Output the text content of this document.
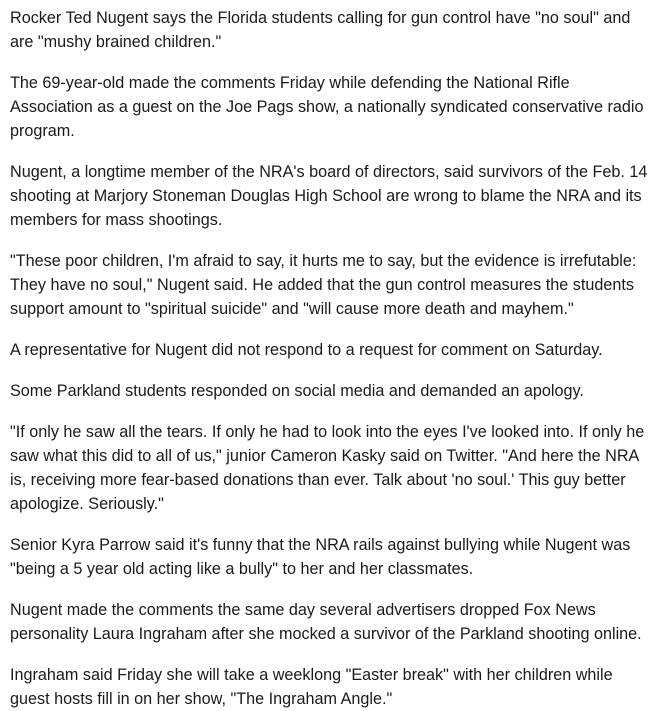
Rocker Ted Nugent says the Florida students calling for gun control have "no soul" and are "mushy brained children."

The 69-year-old made the comments Friday while defending the National Rifle Association as a guest on the Joe Pags show, a nationally syndicated conservative radio program.

Nugent, a longtime member of the NRA's board of directors, said survivors of the Feb. 14 shooting at Marjory Stoneman Douglas High School are wrong to blame the NRA and its members for mass shootings.

"These poor children, I'm afraid to say, it hurts me to say, but the evidence is irrefutable: They have no soul," Nugent said. He added that the gun control measures the students support amount to "spiritual suicide" and "will cause more death and mayhem."

A representative for Nugent did not respond to a request for comment on Saturday.

Some Parkland students responded on social media and demanded an apology.

"If only he saw all the tears. If only he had to look into the eyes I've looked into. If only he saw what this did to all of us," junior Cameron Kasky said on Twitter. "And here the NRA is, receiving more fear-based donations than ever. Talk about 'no soul.' This guy better apologize. Seriously."

Senior Kyra Parrow said it's funny that the NRA rails against bullying while Nugent was "being a 5 year old acting like a bully" to her and her classmates.

Nugent made the comments the same day several advertisers dropped Fox News personality Laura Ingraham after she mocked a survivor of the Parkland shooting online.

Ingraham said Friday she will take a weeklong "Easter break" with her children while guest hosts fill in on her show, "The Ingraham Angle."
